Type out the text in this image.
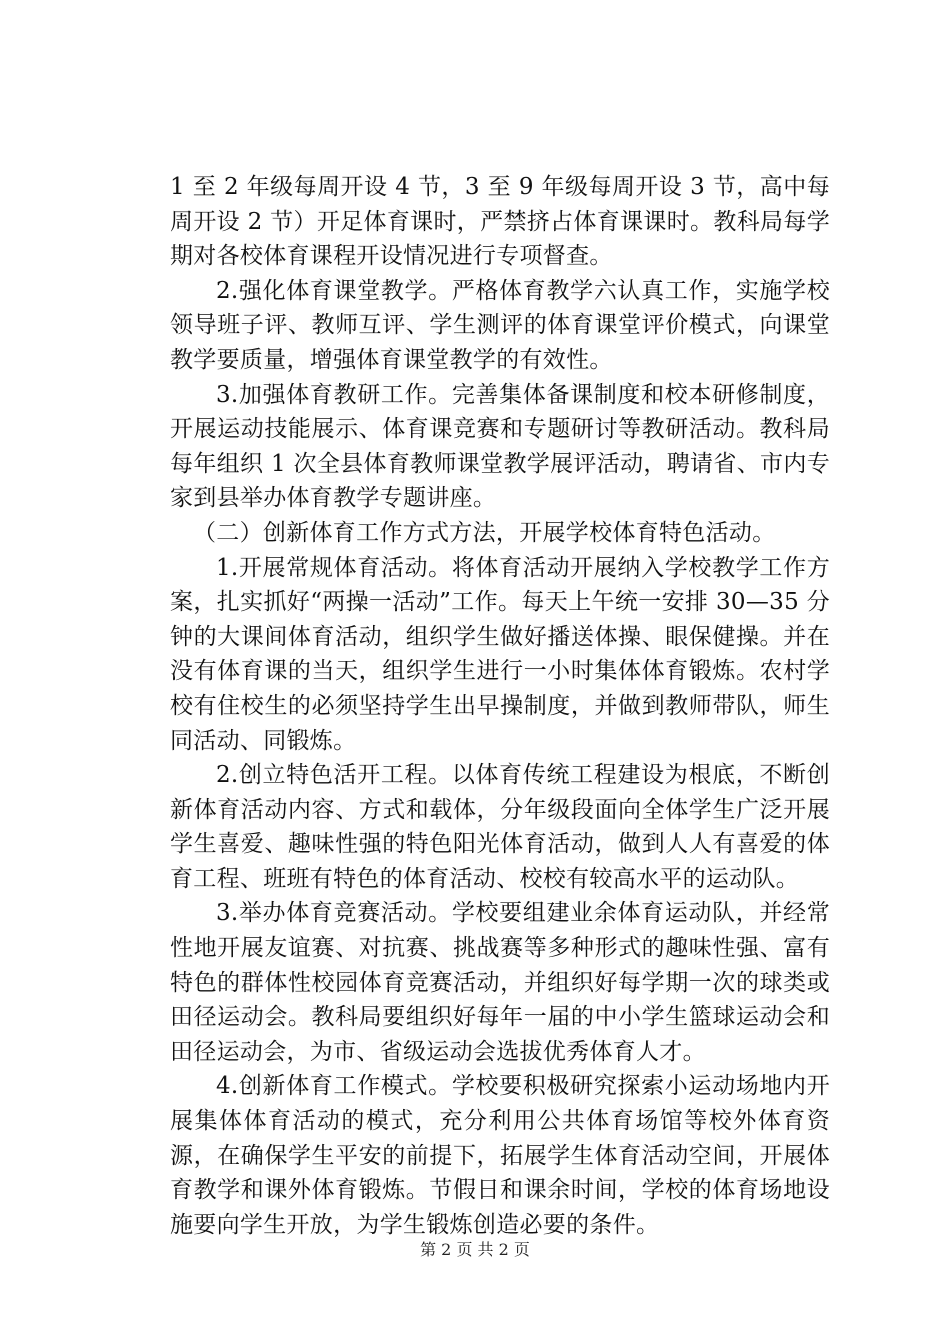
1 至 2 年级每周开设 4 节，3 至 9 年级每周开设 3 节，高中每周开设 2 节）开足体育课时，严禁挤占体育课课时。教科局每学期对各校体育课程开设情况进行专项督查。

2.强化体育课堂教学。严格体育教学六认真工作，实施学校领导班子评、教师互评、学生测评的体育课堂评价模式，向课堂教学要质量，增强体育课堂教学的有效性。

3.加强体育教研工作。完善集体备课制度和校本研修制度，开展运动技能展示、体育课竞赛和专题研讨等教研活动。教科局每年组织 1 次全县体育教师课堂教学展评活动，聘请省、市内专家到县举办体育教学专题讲座。

（二）创新体育工作方式方法，开展学校体育特色活动。

1.开展常规体育活动。将体育活动开展纳入学校教学工作方案，扎实抓好“两操一活动”工作。每天上午统一安排 30—35 分钟的大课间体育活动，组织学生做好播送体操、眼保健操。并在没有体育课的当天，组织学生进行一小时集体体育锻炼。农村学校有住校生的必须坚持学生出早操制度，并做到教师带队，师生同活动、同锻炼。

2.创立特色活开工程。以体育传统工程建设为根底，不断创新体育活动内容、方式和载体，分年级段面向全体学生广泛开展学生喜爱、趣味性强的特色阳光体育活动，做到人人有喜爱的体育工程、班班有特色的体育活动、校校有较高水平的运动队。

3.举办体育竞赛活动。学校要组建业余体育运动队，并经常性地开展友谊赛、对抗赛、挑战赛等多种形式的趣味性强、富有特色的群体性校园体育竞赛活动，并组织好每学期一次的球类或田径运动会。教科局要组织好每年一届的中小学生篮球运动会和田径运动会，为市、省级运动会选拔优秀体育人才。

4.创新体育工作模式。学校要积极研究探索小运动场地内开展集体体育活动的模式，充分利用公共体育场馆等校外体育资源，在确保学生平安的前提下，拓展学生体育活动空间，开展体育教学和课外体育锻炼。节假日和课余时间，学校的体育场地设施要向学生开放，为学生锻炼创造必要的条件。

第 2 页 共 2 页
